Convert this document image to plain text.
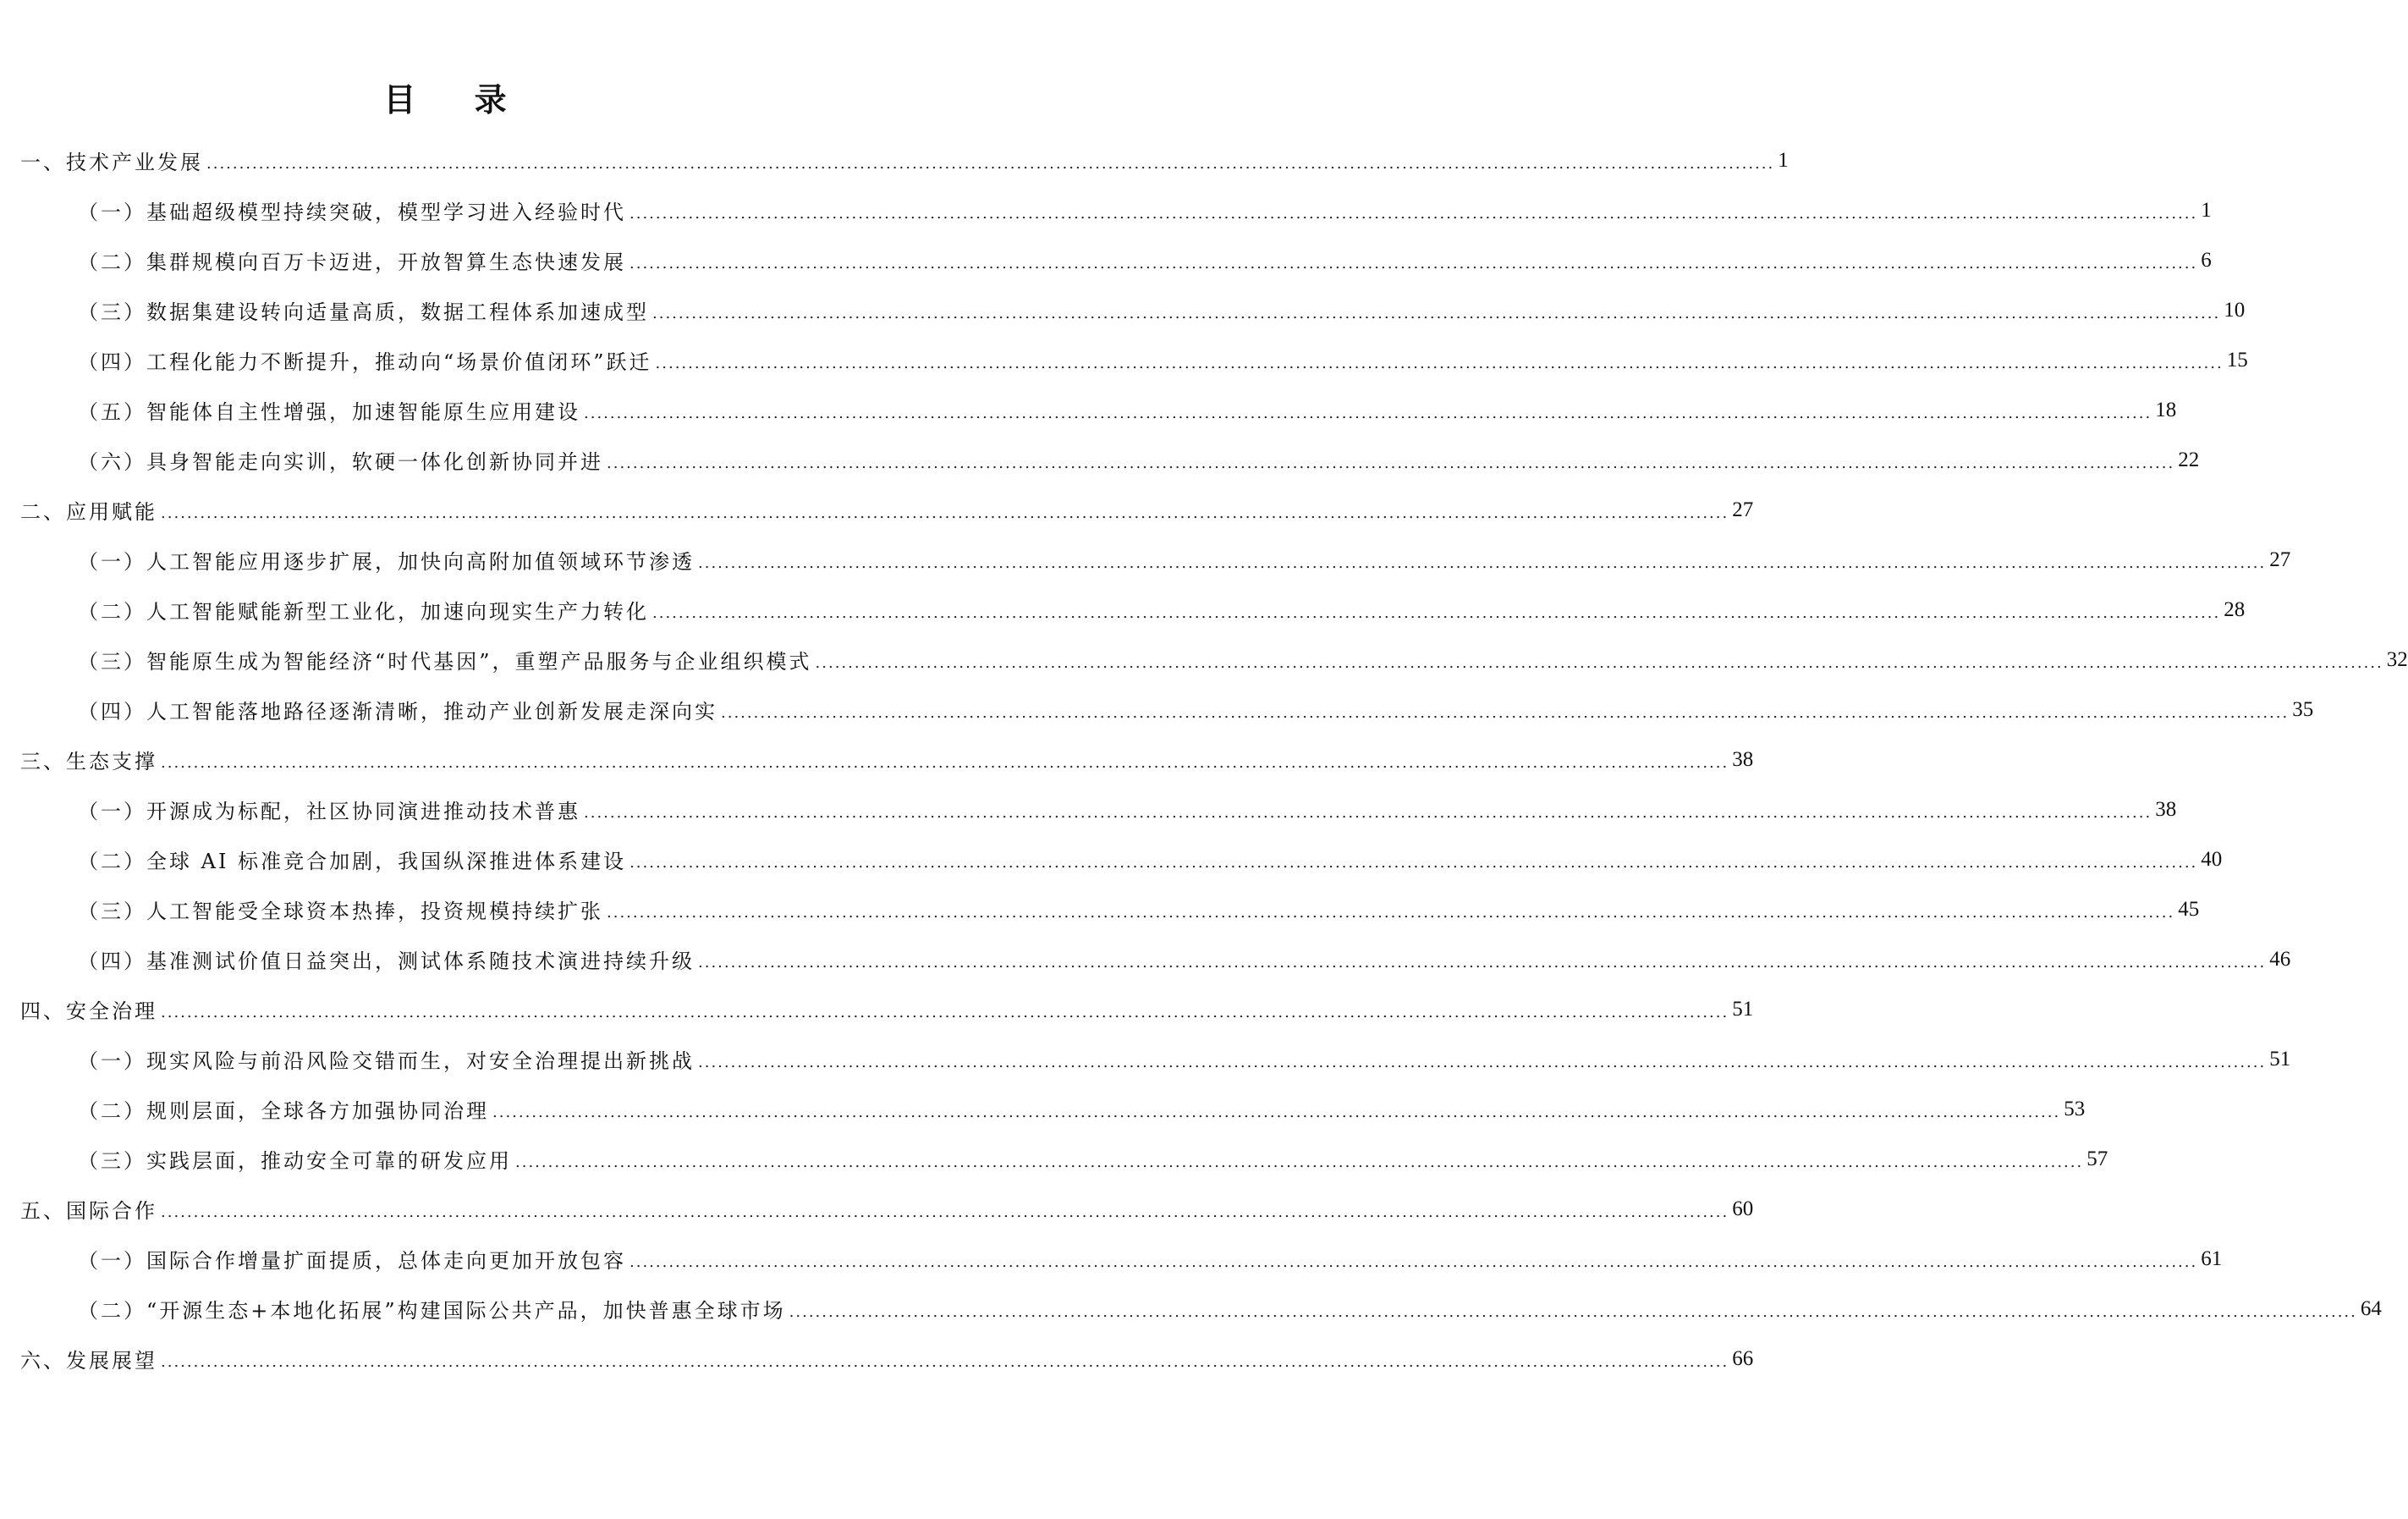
目 录
一、 技术产业发展 .....	1
（一） 基础超级模型持续突破，模型学习进入经验时代 .....	1
（二） 集群规模向百万卡迈进，开放智算生态快速发展 .....	6
（三） 数据集建设转向适量高质，数据工程体系加速成型 .....	10
（四） 工程化能力不断提升，推动向“场景价值闭环”跃迁 .....	15
（五） 智能体自主性增强，加速智能原生应用建设 .....	18
（六） 具身智能走向实训，软硬一体化创新协同并进 .....	22
二、 应用赋能 .....	27
（一） 人工智能应用逐步扩展，加快向高附加值领域环节渗透 .....	27
（二） 人工智能赋能新型工业化，加速向现实生产力转化 .....	28
（三） 智能原生成为智能经济“时代基因”，重塑产品服务与企业组织模式 .....	32
（四） 人工智能落地路径逐渐清晰，推动产业创新发展走深向实 .....	35
三、 生态支撑 .....	38
（一） 开源成为标配，社区协同演进推动技术普惠 .....	38
（二） 全球 AI 标准竞合加剧，我国纵深推进体系建设 .....	40
（三） 人工智能受全球资本热捧，投资规模持续扩张 .....	45
（四） 基准测试价值日益突出，测试体系随技术演进持续升级 .....	46
四、 安全治理 .....	51
（一） 现实风险与前沿风险交错而生，对安全治理提出新挑战 .....	51
（二） 规则层面，全球各方加强协同治理 .....	53
（三） 实践层面，推动安全可靠的研发应用 .....	57
五、 国际合作 .....	60
（一） 国际合作增量扩面提质，总体走向更加开放包容 .....	61
（二） “开源生态+本地化拓展”构建国际公共产品，加快普惠全球市场 .....	64
六、 发展展望 .....	66
